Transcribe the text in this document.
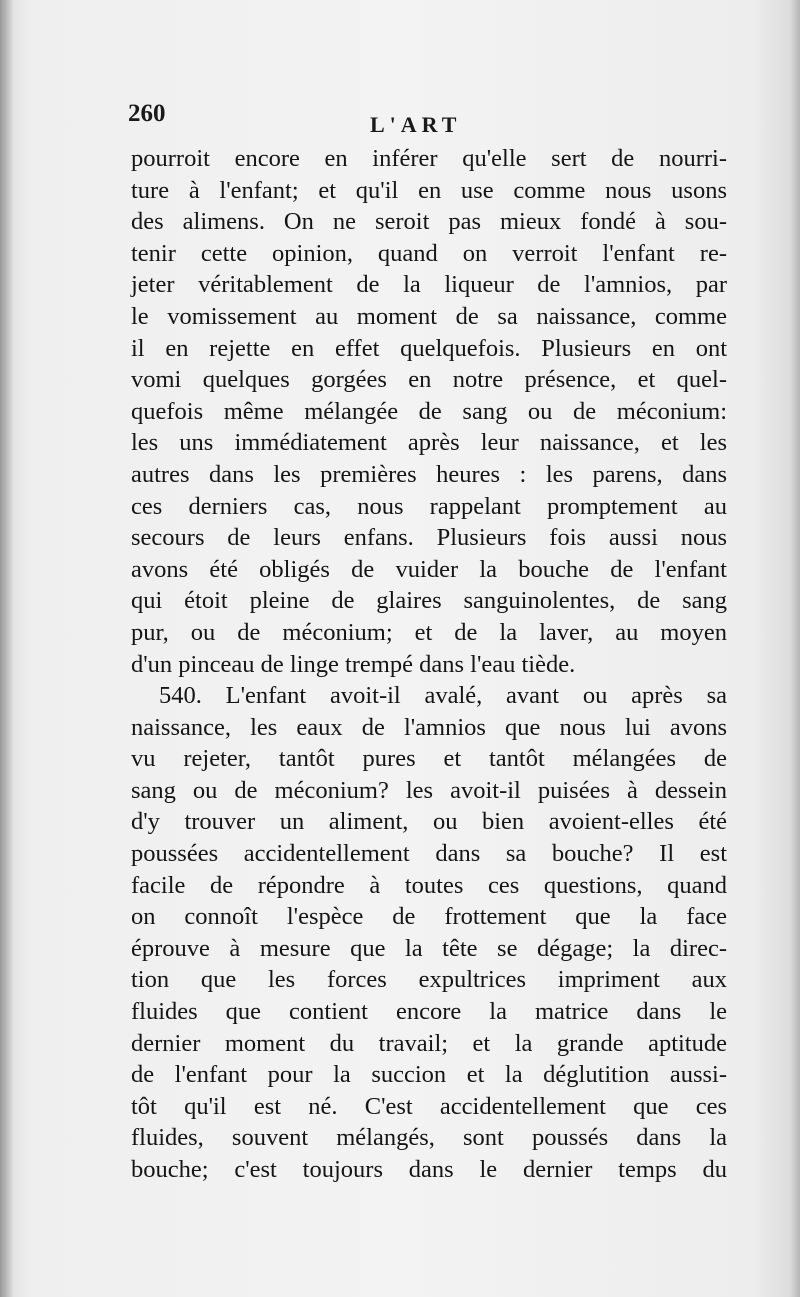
260	L'ART
pourroit encore en inférer qu'elle sert de nourri-
ture à l'enfant; et qu'il en use comme nous usons
des alimens. On ne seroit pas mieux fondé à sou-
tenir cette opinion, quand on verroit l'enfant re-
jeter véritablement de la liqueur de l'amnios, par
le vomissement au moment de sa naissance, comme
il en rejette en effet quelquefois. Plusieurs en ont
vomi quelques gorgées en notre présence, et quel-
quefois même mélangée de sang ou de méconium:
les uns immédiatement après leur naissance, et les
autres dans les premières heures : les parens, dans
ces derniers cas, nous rappelant promptement au
secours de leurs enfans. Plusieurs fois aussi nous
avons été obligés de vuider la bouche de l'enfant
qui étoit pleine de glaires sanguinolentes, de sang
pur, ou de méconium; et de la laver, au moyen
d'un pinceau de linge trempé dans l'eau tiède.
540. L'enfant avoit-il avalé, avant ou après sa
naissance, les eaux de l'amnios que nous lui avons
vu rejeter, tantôt pures et tantôt mélangées de
sang ou de méconium? les avoit-il puisées à dessein
d'y trouver un aliment, ou bien avoient-elles été
poussées accidentellement dans sa bouche? Il est
facile de répondre à toutes ces questions, quand
on connoît l'espèce de frottement que la face
éprouve à mesure que la tête se dégage; la direc-
tion que les forces expultrices impriment aux
fluides que contient encore la matrice dans le
dernier moment du travail; et la grande aptitude
de l'enfant pour la succion et la déglutition aussi-
tôt qu'il est né. C'est accidentellement que ces
fluides, souvent mélangés, sont poussés dans la
bouche; c'est toujours dans le dernier temps du
